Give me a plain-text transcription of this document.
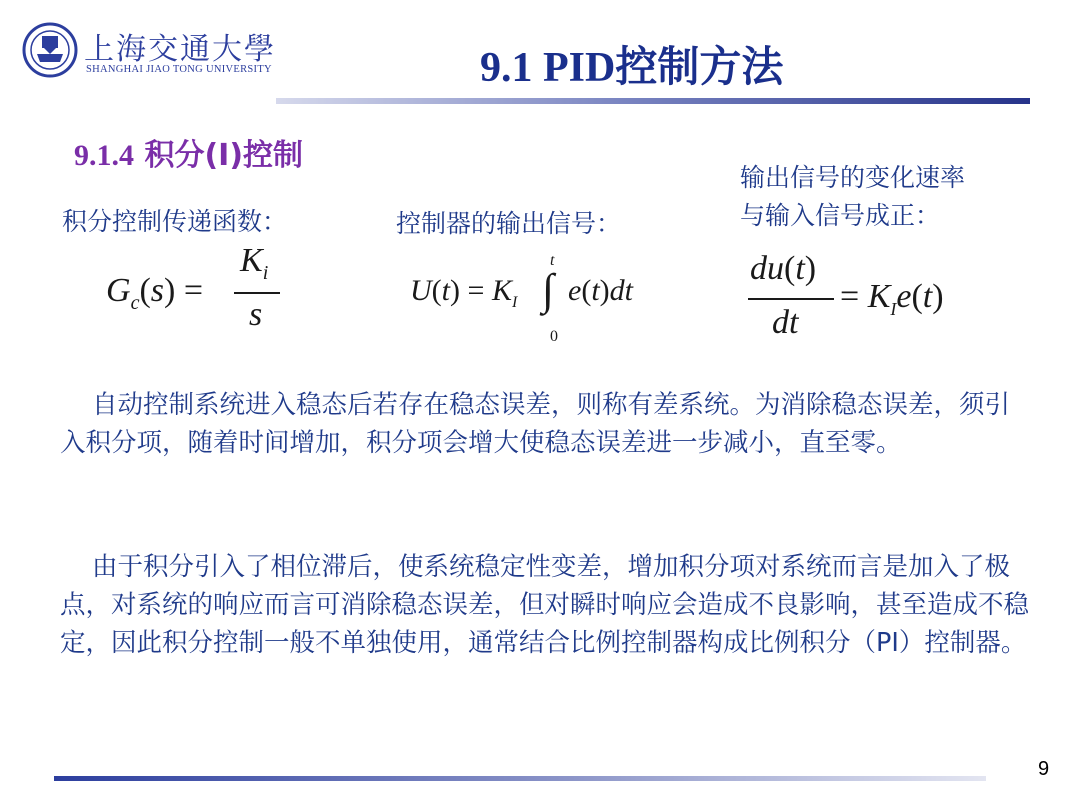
上海交通大學
SHANGHAI JIAO TONG UNIVERSITY	9.1 PID控制方法
9.1.4 积分(I)控制
积分控制传递函数：	控制器的输出信号：
输出信号的变化速率
与输入信号成正：
$G_c(s)$ =
$K_i$
s
$U(t) = K_I$
t
∫
0
e(t)dt
du(t)
dt
= $K_Ie(t)$
自动控制系统进入稳态后若存在稳态误差，则称有差系统。为消除稳态误差，须引入积分项，随着时间增加，积分项会增大使稳态误差进一步减小，直至零。
由于积分引入了相位滞后，使系统稳定性变差，增加积分项对系统而言是加入了极点，对系统的响应而言可消除稳态误差，但对瞬时响应会造成不良影响，甚至造成不稳定，因此积分控制一般不单独使用，通常结合比例控制器构成比例积分（PI）控制器。
9
